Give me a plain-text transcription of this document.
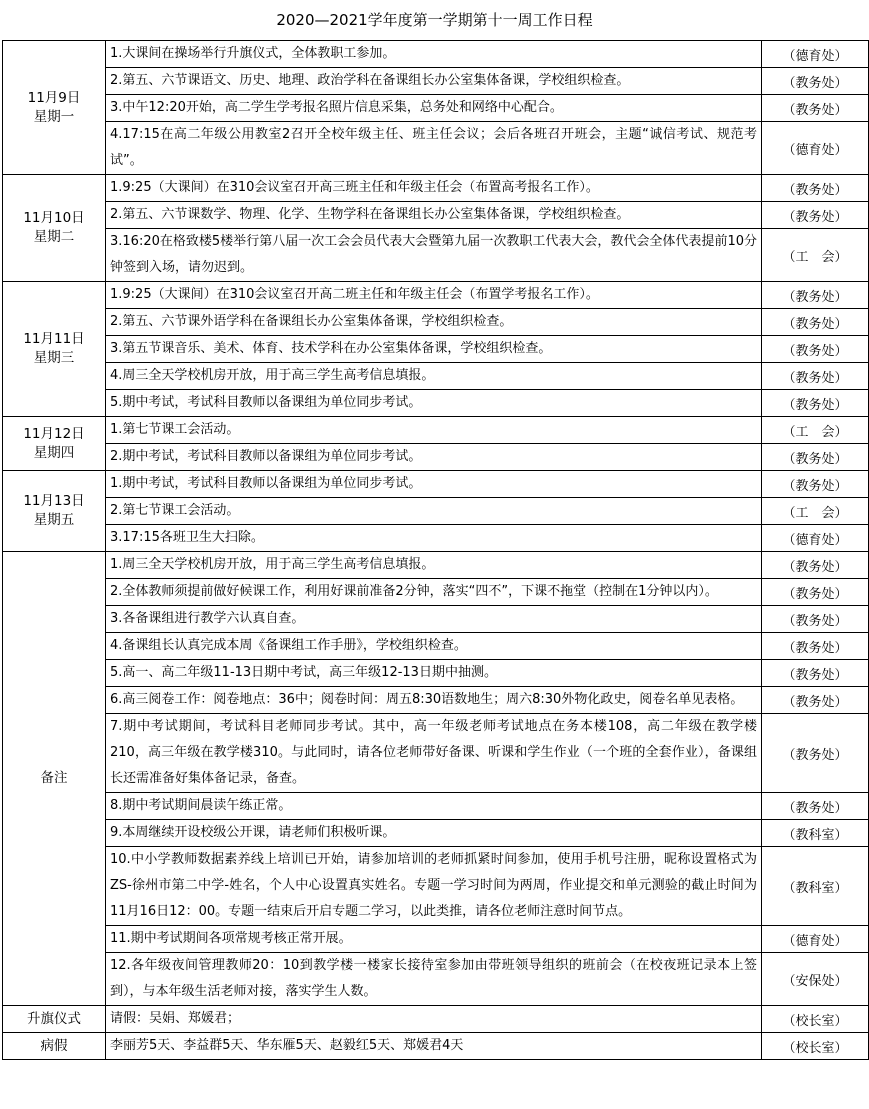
2020—2021学年度第一学期第十一周工作日程
11月9日
星期一	1.大课间在操场举行升旗仪式，全体教职工参加。	（德育处）
	2.第五、六节课语文、历史、地理、政治学科在备课组长办公室集体备课，学校组织检查。	（教务处）
	3.中午12:20开始，高二学生学考报名照片信息采集，总务处和网络中心配合。	（教务处）
	4.17:15在高二年级公用教室2召开全校年级主任、班主任会议；会后各班召开班会，主题“诚信考试、规范考试”。	（德育处）

11月10日
星期二	1.9:25（大课间）在310会议室召开高三班主任和年级主任会（布置高考报名工作）。	（教务处）
	2.第五、六节课数学、物理、化学、生物学科在备课组长办公室集体备课，学校组织检查。	（教务处）
	3.16:20在格致楼5楼举行第八届一次工会会员代表大会暨第九届一次教职工代表大会，教代会全体代表提前10分钟签到入场，请勿迟到。	（工　会）

11月11日
星期三	1.9:25（大课间）在310会议室召开高二班主任和年级主任会（布置学考报名工作）。	（教务处）
	2.第五、六节课外语学科在备课组长办公室集体备课，学校组织检查。	（教务处）
	3.第五节课音乐、美术、体育、技术学科在办公室集体备课，学校组织检查。	（教务处）
	4.周三全天学校机房开放，用于高三学生高考信息填报。	（教务处）
	5.期中考试，考试科目教师以备课组为单位同步考试。	（教务处）

11月12日
星期四	1.第七节课工会活动。	（工　会）
	2.期中考试，考试科目教师以备课组为单位同步考试。	（教务处）

11月13日
星期五	1.期中考试，考试科目教师以备课组为单位同步考试。	（教务处）
	2.第七节课工会活动。	（工　会）
	3.17:15各班卫生大扫除。	（德育处）
备注	1.周三全天学校机房开放，用于高三学生高考信息填报。	（教务处）
	2.全体教师须提前做好候课工作，利用好课前准备2分钟，落实“四不”，下课不拖堂（控制在1分钟以内）。	（教务处）
	3.各备课组进行教学六认真自查。	（教务处）
	4.备课组长认真完成本周《备课组工作手册》，学校组织检查。	（教务处）
	5.高一、高二年级11-13日期中考试，高三年级12-13日期中抽测。	（教务处）
	6.高三阅卷工作：阅卷地点：36中；阅卷时间：周五8:30语数地生；周六8:30外物化政史，阅卷名单见表格。	（教务处）
	7.期中考试期间，考试科目老师同步考试。其中，高一年级老师考试地点在务本楼108，高二年级在教学楼210，高三年级在教学楼310。与此同时，请各位老师带好备课、听课和学生作业（一个班的全套作业），备课组长还需准备好集体备记录，备查。	（教务处）
	8.期中考试期间晨读午练正常。	（教务处）
	9.本周继续开设校级公开课，请老师们积极听课。	（教科室）
	10.中小学教师数据素养线上培训已开始，请参加培训的老师抓紧时间参加，使用手机号注册，昵称设置格式为ZS-徐州市第二中学-姓名，个人中心设置真实姓名。专题一学习时间为两周，作业提交和单元测验的截止时间为11月16日12：00。专题一结束后开启专题二学习，以此类推，请各位老师注意时间节点。	（教科室）
	11.期中考试期间各项常规考核正常开展。	（德育处）
	12.各年级夜间管理教师20：10到教学楼一楼家长接待室参加由带班领导组织的班前会（在校夜班记录本上签到），与本年级生活老师对接，落实学生人数。	（安保处）
升旗仪式	请假：吴娟、郑媛君；	（校长室）
病假	李丽芳5天、李益群5天、华东雁5天、赵毅红5天、郑媛君4天	（校长室）
